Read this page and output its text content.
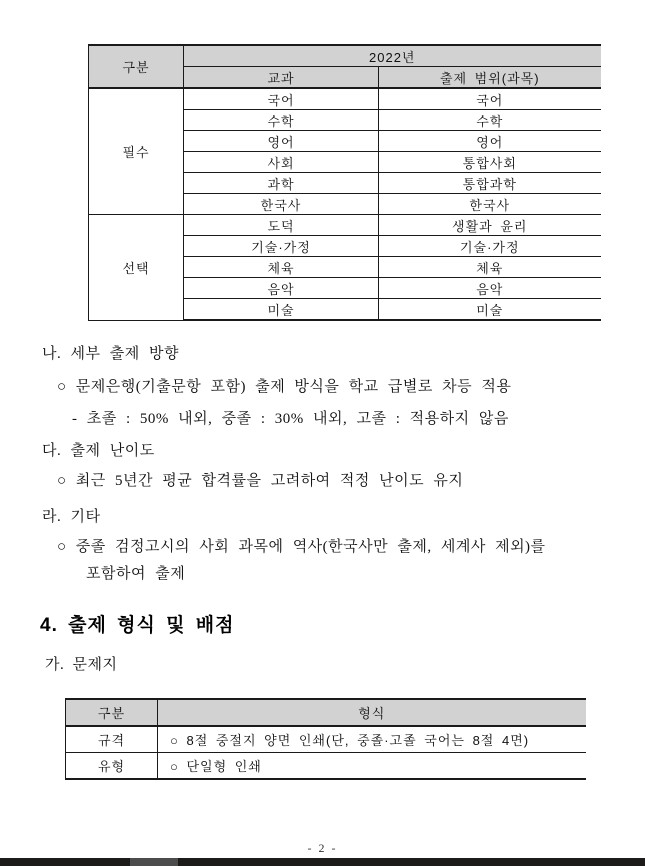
구분	2022년	
	교과	출제 범위(과목)
필수	국어	국어
	수학	수학
	영어	영어
	사회	통합사회
	과학	통합과학
	한국사	한국사
선택	도덕	생활과 윤리
	기술·가정	기술·가정
	체육	체육
	음악	음악
	미술	미술
나. 세부 출제 방향
○ 문제은행(기출문항 포함) 출제 방식을 학교 급별로 차등 적용
- 초졸 : 50% 내외, 중졸 : 30% 내외, 고졸 : 적용하지 않음
다. 출제 난이도
○ 최근 5년간 평균 합격률을 고려하여 적정 난이도 유지
라. 기타
○ 중졸 검정고시의 사회 과목에 역사(한국사만 출제, 세계사 제외)를
포함하여 출제
4. 출제 형식 및 배점
가. 문제지
구분	형식
규격	○ 8절 중절지 양면 인쇄(단, 중졸·고졸 국어는 8절 4면)
유형	○ 단일형 인쇄
- 2 -
